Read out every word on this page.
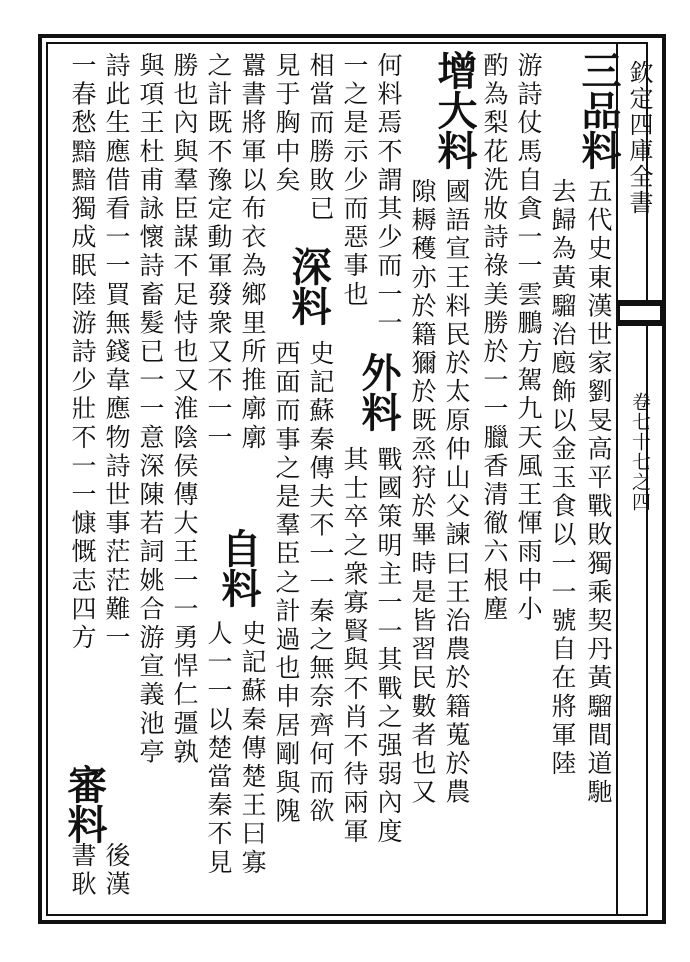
欽定四庫全書
卷七十七之四
三品料
五代史東漢世家劉旻高平戰敗獨乘契丹黃騮間道馳
去歸為黃騮治廏飾以金玉食以一一號自在將軍陸
游詩仗馬自貪一一雲鵬方駕九天風王惲雨中小
酌為梨花洗妝詩祿美勝於一一臘香清徹六根塵
增大料
國語宣王料民於太原仲山父諫曰王治農於籍蒐於農
隙耨穫亦於籍獮於既烝狩於畢時是皆習民數者也又
何料焉不謂其少而一一
外料
戰國策明主一一其戰之强弱內度
一之是示少而惡事也
其士卒之衆寡賢與不肖不待兩軍
相當而勝敗已
深料
史記蘇秦傳夫不一一秦之無奈齊何而欲
見于胸中矣
西面而事之是羣臣之計過也申居剛與隗
囂書將軍以布衣為鄉里所推廓廓
自料
史記蘇秦傳楚王曰寡
之計既不豫定動軍發衆又不一一
人一一以楚當秦不見
勝也內與羣臣謀不足恃也又淮陰侯傳大王一一勇悍仁彊孰
與項王杜甫詠懷詩畜髮已一一意深陳若詞姚合游宣義池亭
詩此生應借看一一買無錢韋應物詩世事茫茫難一
審料
後漢
一春愁黯黯獨成眠陸游詩少壯不一一慷慨志四方
書耿
